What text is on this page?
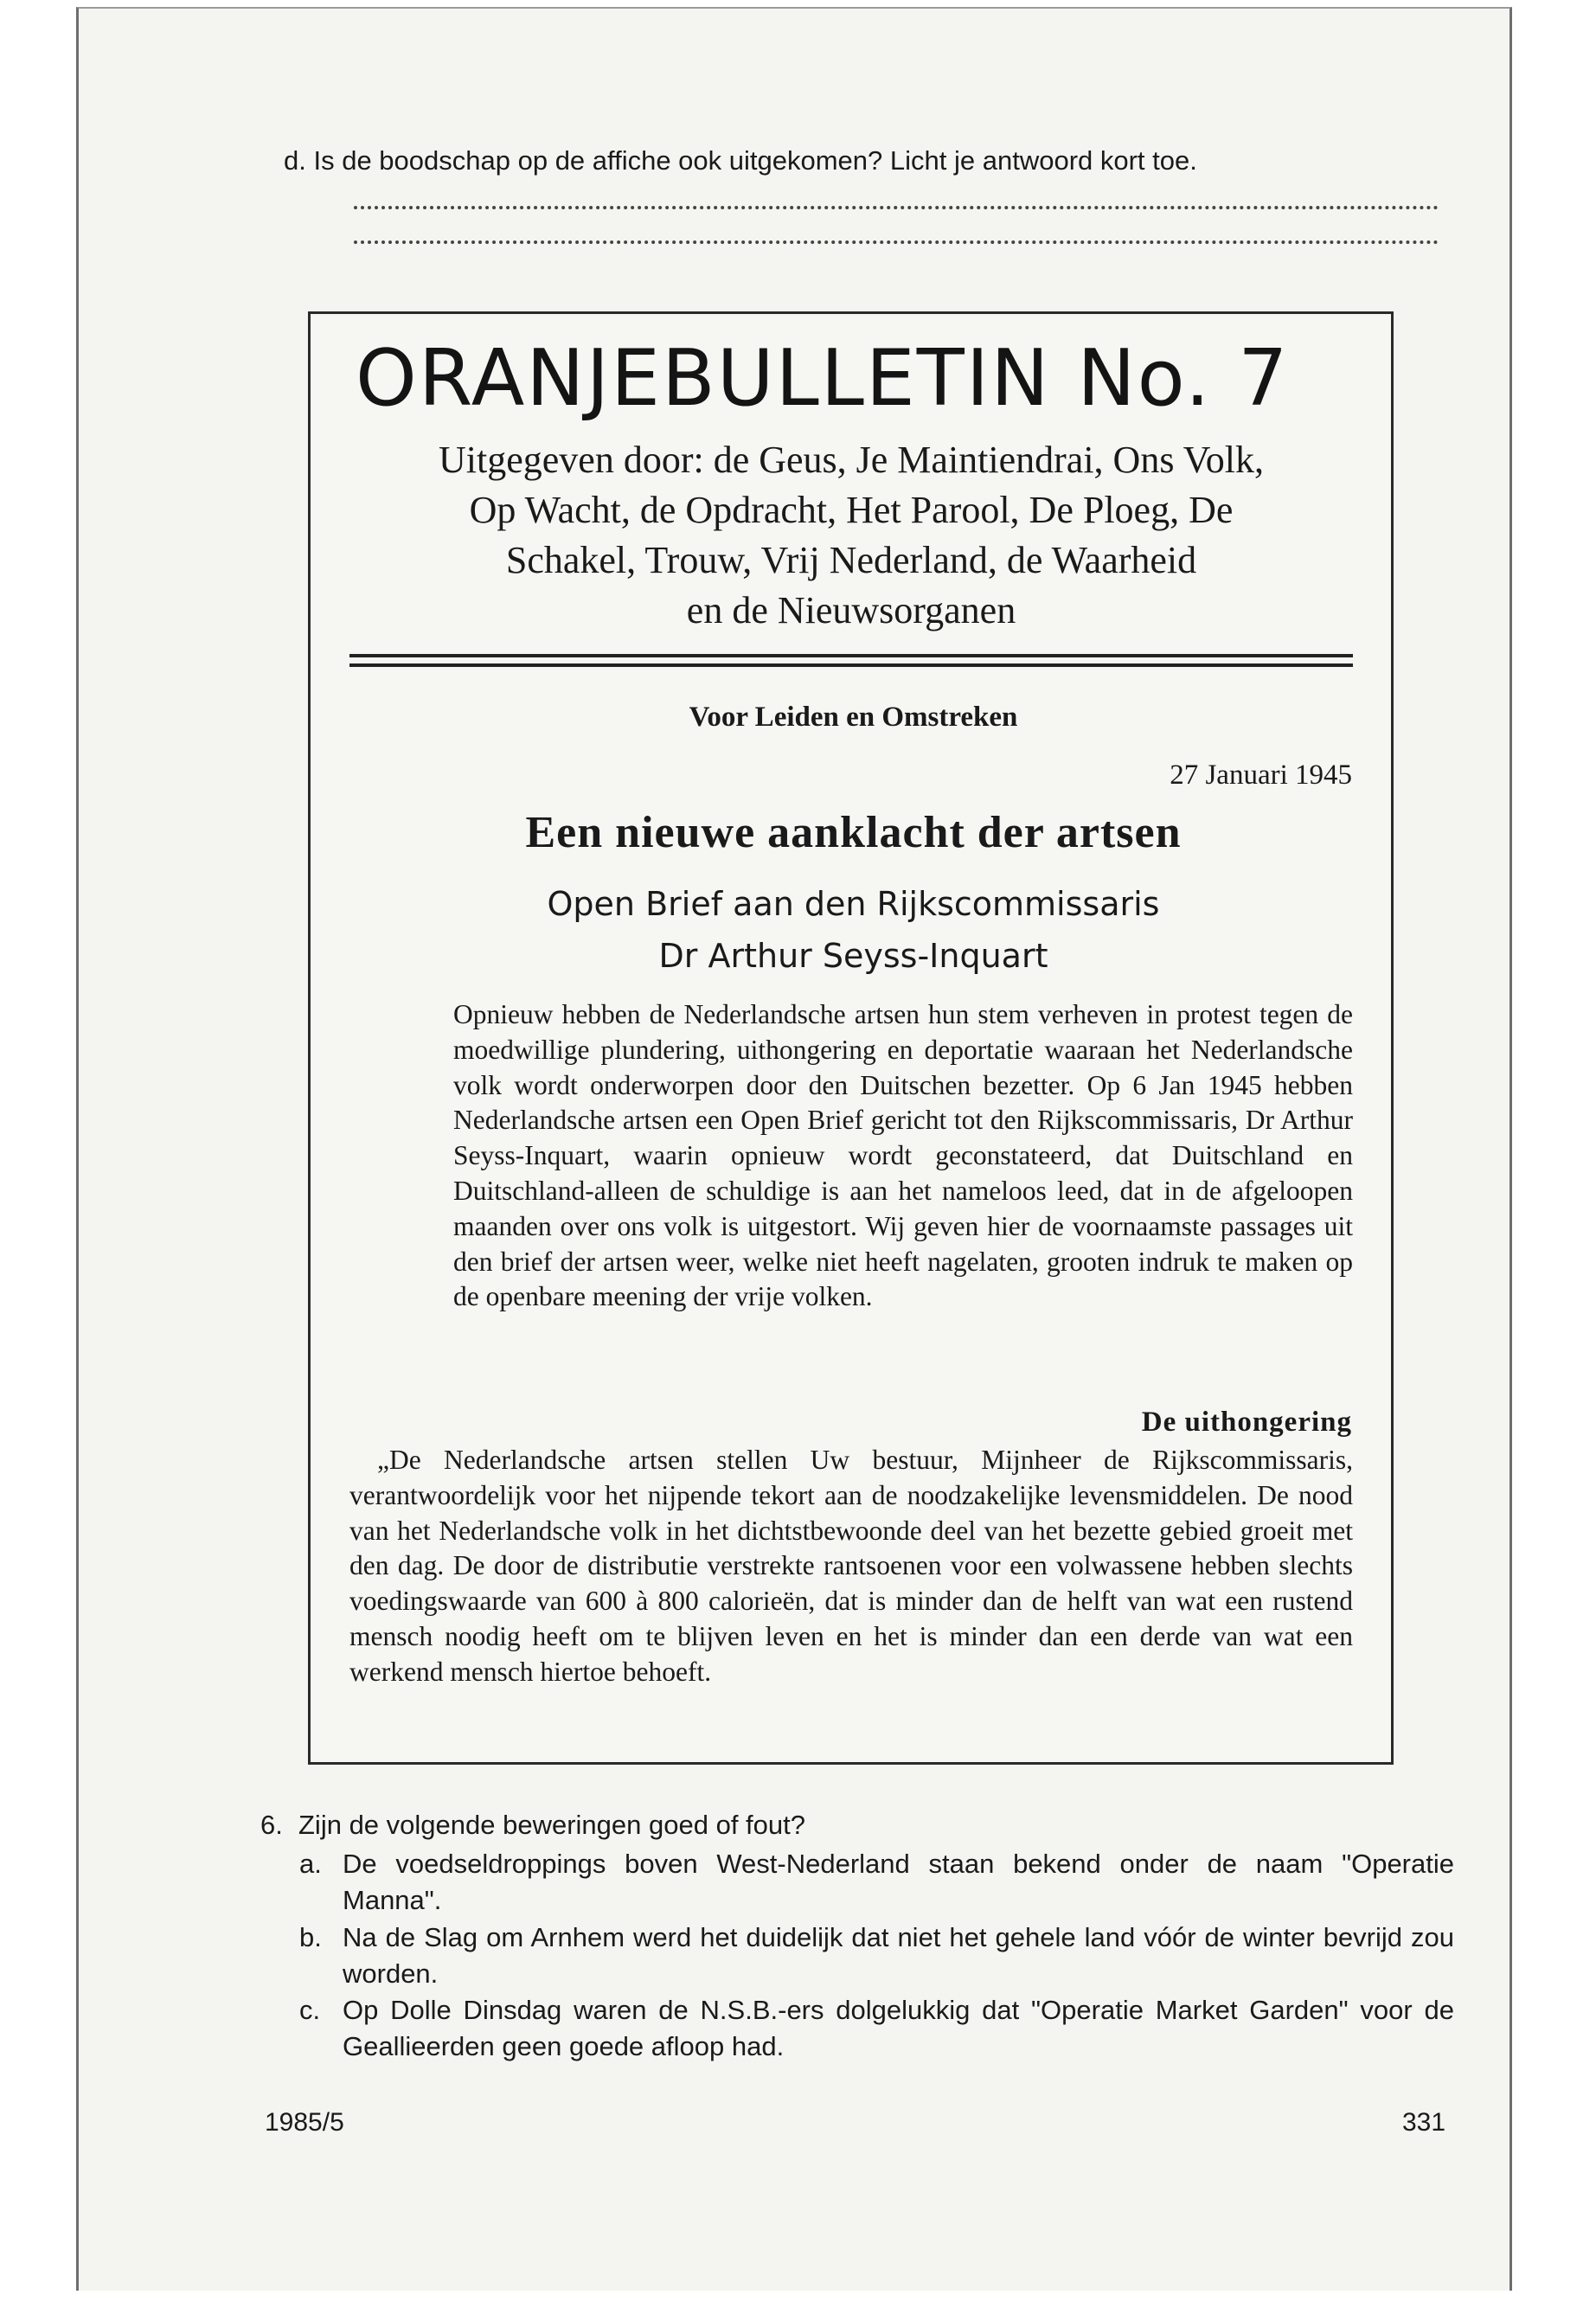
d. Is de boodschap op de affiche ook uitgekomen? Licht je antwoord kort toe.
ORANJEBULLETIN No. 7
Uitgegeven door: de Geus, Je Maintiendrai, Ons Volk,
Op Wacht, de Opdracht, Het Parool, De Ploeg, De
Schakel, Trouw, Vrij Nederland, de Waarheid
en de Nieuwsorganen
Voor Leiden en Omstreken
27 Januari 1945
Een nieuwe aanklacht der artsen
Open Brief aan den Rijkscommissaris
Dr Arthur Seyss-Inquart
Opnieuw hebben de Nederlandsche artsen hun stem verheven in protest tegen de moedwillige plundering, uithongering en deportatie waaraan het Nederlandsche volk wordt onderworpen door den Duitschen bezetter. Op 6 Jan 1945 hebben Nederlandsche artsen een Open Brief gericht tot den Rijkscommissaris, Dr Arthur Seyss-Inquart, waarin opnieuw wordt geconstateerd, dat Duitschland en Duitschland-alleen de schuldige is aan het nameloos leed, dat in de afgeloopen maanden over ons volk is uitgestort. Wij geven hier de voornaamste passages uit den brief der artsen weer, welke niet heeft nagelaten, grooten indruk te maken op de openbare meening der vrije volken.
De uithongering
„De Nederlandsche artsen stellen Uw bestuur, Mijnheer de Rijkscommissaris, verantwoordelijk voor het nijpende tekort aan de noodzakelijke levensmiddelen. De nood van het Nederlandsche volk in het dichtstbewoonde deel van het bezette gebied groeit met den dag. De door de distributie verstrekte rantsoenen voor een volwassene hebben slechts voedingswaarde van 600 à 800 calorieën, dat is minder dan de helft van wat een rustend mensch noodig heeft om te blijven leven en het is minder dan een derde van wat een werkend mensch hiertoe behoeft.
6. Zijn de volgende beweringen goed of fout?
a. De voedseldroppings boven West-Nederland staan bekend onder de naam "Operatie Manna".
b. Na de Slag om Arnhem werd het duidelijk dat niet het gehele land vóór de winter bevrijd zou worden.
c. Op Dolle Dinsdag waren de N.S.B.-ers dolgelukkig dat "Operatie Market Garden" voor de Geallieerden geen goede afloop had.
1985/5	331
